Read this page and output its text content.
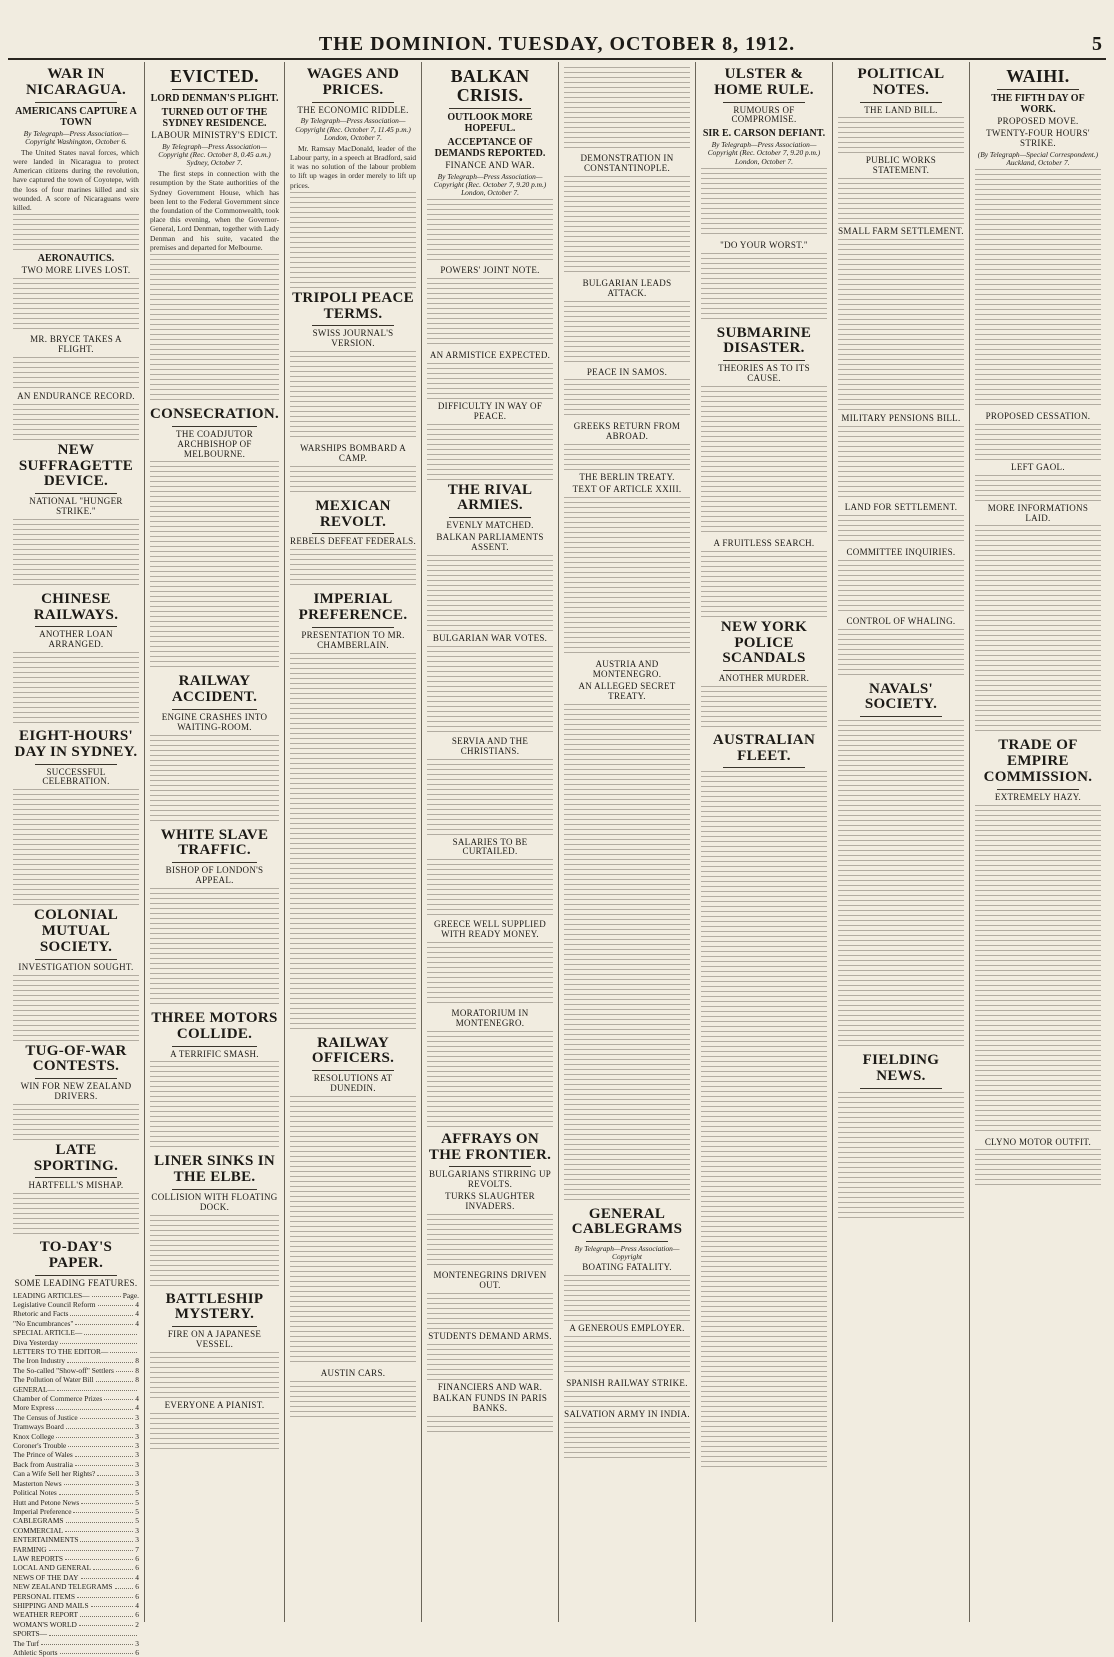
THE DOMINION. TUESDAY, OCTOBER 8, 1912.	5
WAR IN NICARAGUA.
AMERICANS CAPTURE A TOWN
By Telegraph—Press Association—Copyright Washington, October 6.

The United States naval forces, which were landed in Nicaragua to protect American citizens during the revolution, have captured the town of Coyotepe, with the loss of four marines killed and six wounded. A score of Nicaraguans were killed.

AERONAUTICS.
TWO MORE LIVES LOST.
MR. BRYCE TAKES A FLIGHT.
AN ENDURANCE RECORD.
NEW SUFFRAGETTE DEVICE.
NATIONAL "HUNGER STRIKE."
CHINESE RAILWAYS.
ANOTHER LOAN ARRANGED.
EIGHT-HOURS' DAY IN SYDNEY.
SUCCESSFUL CELEBRATION.
COLONIAL MUTUAL SOCIETY.
INVESTIGATION SOUGHT.
TUG-OF-WAR CONTESTS.
WIN FOR NEW ZEALAND DRIVERS.
LATE SPORTING.
HARTFELL'S MISHAP.
TO-DAY'S PAPER.
SOME LEADING FEATURES.
LEADING ARTICLES—	Page.
Legislative Council Reform	4
Rhetoric and Facts	4
"No Encumbrances"	4
SPECIAL ARTICLE—
Diva Yesterday
LETTERS TO THE EDITOR—
The Iron Industry	8
The So-called "Show-off" Settlers	8
The Pollution of Water Bill	8
GENERAL—
Chamber of Commerce Prizes	4
More Express	4
The Census of Justice	3
Tramways Board	3
Knox College	3
Coroner's Trouble	3
The Prince of Wales	3
Back from Australia	3
Can a Wife Sell her Rights?	3
Masterton News	3
Political Notes	5
Hutt and Petone News	5
Imperial Preference	5
CABLEGRAMS	5
COMMERCIAL	3
ENTERTAINMENTS	3
FARMING	7
LAW REPORTS	6
LOCAL AND GENERAL	6
NEWS OF THE DAY	4
NEW ZEALAND TELEGRAMS	6
PERSONAL ITEMS	6
SHIPPING AND MAILS	4
WEATHER REPORT	6
WOMAN'S WORLD	2
SPORTS—
The Turf	3
Athletic Sports	6
EVICTED.
LORD DENMAN'S PLIGHT.
TURNED OUT OF THE SYDNEY RESIDENCE.
LABOUR MINISTRY'S EDICT.
By Telegraph—Press Association—Copyright (Rec. October 8, 0.45 a.m.) Sydney, October 7.

The first steps in connection with the resumption by the State authorities of the Sydney Government House, which has been lent to the Federal Government since the foundation of the Commonwealth, took place this evening, when the Governor-General, Lord Denman, together with Lady Denman and his suite, vacated the premises and departed for Melbourne.

CONSECRATION.
THE COADJUTOR ARCHBISHOP OF MELBOURNE.
RAILWAY ACCIDENT.
ENGINE CRASHES INTO WAITING-ROOM.
WHITE SLAVE TRAFFIC.
BISHOP OF LONDON'S APPEAL.
THREE MOTORS COLLIDE.
A TERRIFIC SMASH.
LINER SINKS IN THE ELBE.
COLLISION WITH FLOATING DOCK.
BATTLESHIP MYSTERY.
FIRE ON A JAPANESE VESSEL.
EVERYONE A PIANIST.
WAGES AND PRICES.
THE ECONOMIC RIDDLE.
By Telegraph—Press Association—Copyright (Rec. October 7, 11.45 p.m.) London, October 7.

Mr. Ramsay MacDonald, leader of the Labour party, in a speech at Bradford, said it was no solution of the labour problem to lift up wages in order merely to lift up prices.

TRIPOLI PEACE TERMS.
SWISS JOURNAL'S VERSION.
WARSHIPS BOMBARD A CAMP.
MEXICAN REVOLT.
REBELS DEFEAT FEDERALS.
IMPERIAL PREFERENCE.
PRESENTATION TO MR. CHAMBERLAIN.
RAILWAY OFFICERS.
RESOLUTIONS AT DUNEDIN.
AUSTIN CARS.
BALKAN CRISIS.
OUTLOOK MORE HOPEFUL.
ACCEPTANCE OF DEMANDS REPORTED.
FINANCE AND WAR.
By Telegraph—Press Association—Copyright (Rec. October 7, 9.20 p.m.) London, October 7.
POWERS' JOINT NOTE.
AN ARMISTICE EXPECTED.
DIFFICULTY IN WAY OF PEACE.
THE RIVAL ARMIES.
EVENLY MATCHED.
BALKAN PARLIAMENTS ASSENT.
BULGARIAN WAR VOTES.
SERVIA AND THE CHRISTIANS.
SALARIES TO BE CURTAILED.
GREECE WELL SUPPLIED WITH READY MONEY.
MORATORIUM IN MONTENEGRO.
AFFRAYS ON THE FRONTIER.
BULGARIANS STIRRING UP REVOLTS.
TURKS SLAUGHTER INVADERS.
MONTENEGRINS DRIVEN OUT.
STUDENTS DEMAND ARMS.
FINANCIERS AND WAR.
BALKAN FUNDS IN PARIS BANKS.
DEMONSTRATION IN CONSTANTINOPLE.
BULGARIAN LEADS ATTACK.
PEACE IN SAMOS.
GREEKS RETURN FROM ABROAD.
THE BERLIN TREATY.
TEXT OF ARTICLE XXIII.
AUSTRIA AND MONTENEGRO.
AN ALLEGED SECRET TREATY.
GENERAL CABLEGRAMS
By Telegraph—Press Association—Copyright
BOATING FATALITY.
A GENEROUS EMPLOYER.
SPANISH RAILWAY STRIKE.
SALVATION ARMY IN INDIA.
ULSTER & HOME RULE.
RUMOURS OF COMPROMISE.
SIR E. CARSON DEFIANT.
By Telegraph—Press Association—Copyright (Rec. October 7, 9.20 p.m.) London, October 7.
"DO YOUR WORST."
SUBMARINE DISASTER.
THEORIES AS TO ITS CAUSE.
A FRUITLESS SEARCH.
NEW YORK POLICE SCANDALS
ANOTHER MURDER.
AUSTRALIAN FLEET.
POLITICAL NOTES.
THE LAND BILL.
PUBLIC WORKS STATEMENT.
SMALL FARM SETTLEMENT.
MILITARY PENSIONS BILL.
LAND FOR SETTLEMENT.
COMMITTEE INQUIRIES.
CONTROL OF WHALING.
NAVALS' SOCIETY.
FIELDING NEWS.
WAIHI.
THE FIFTH DAY OF WORK.
PROPOSED MOVE.
TWENTY-FOUR HOURS' STRIKE.
(By Telegraph—Special Correspondent.) Auckland, October 7.
PROPOSED CESSATION.
LEFT GAOL.
MORE INFORMATIONS LAID.
TRADE OF EMPIRE COMMISSION.
EXTREMELY HAZY.
CLYNO MOTOR OUTFIT.
